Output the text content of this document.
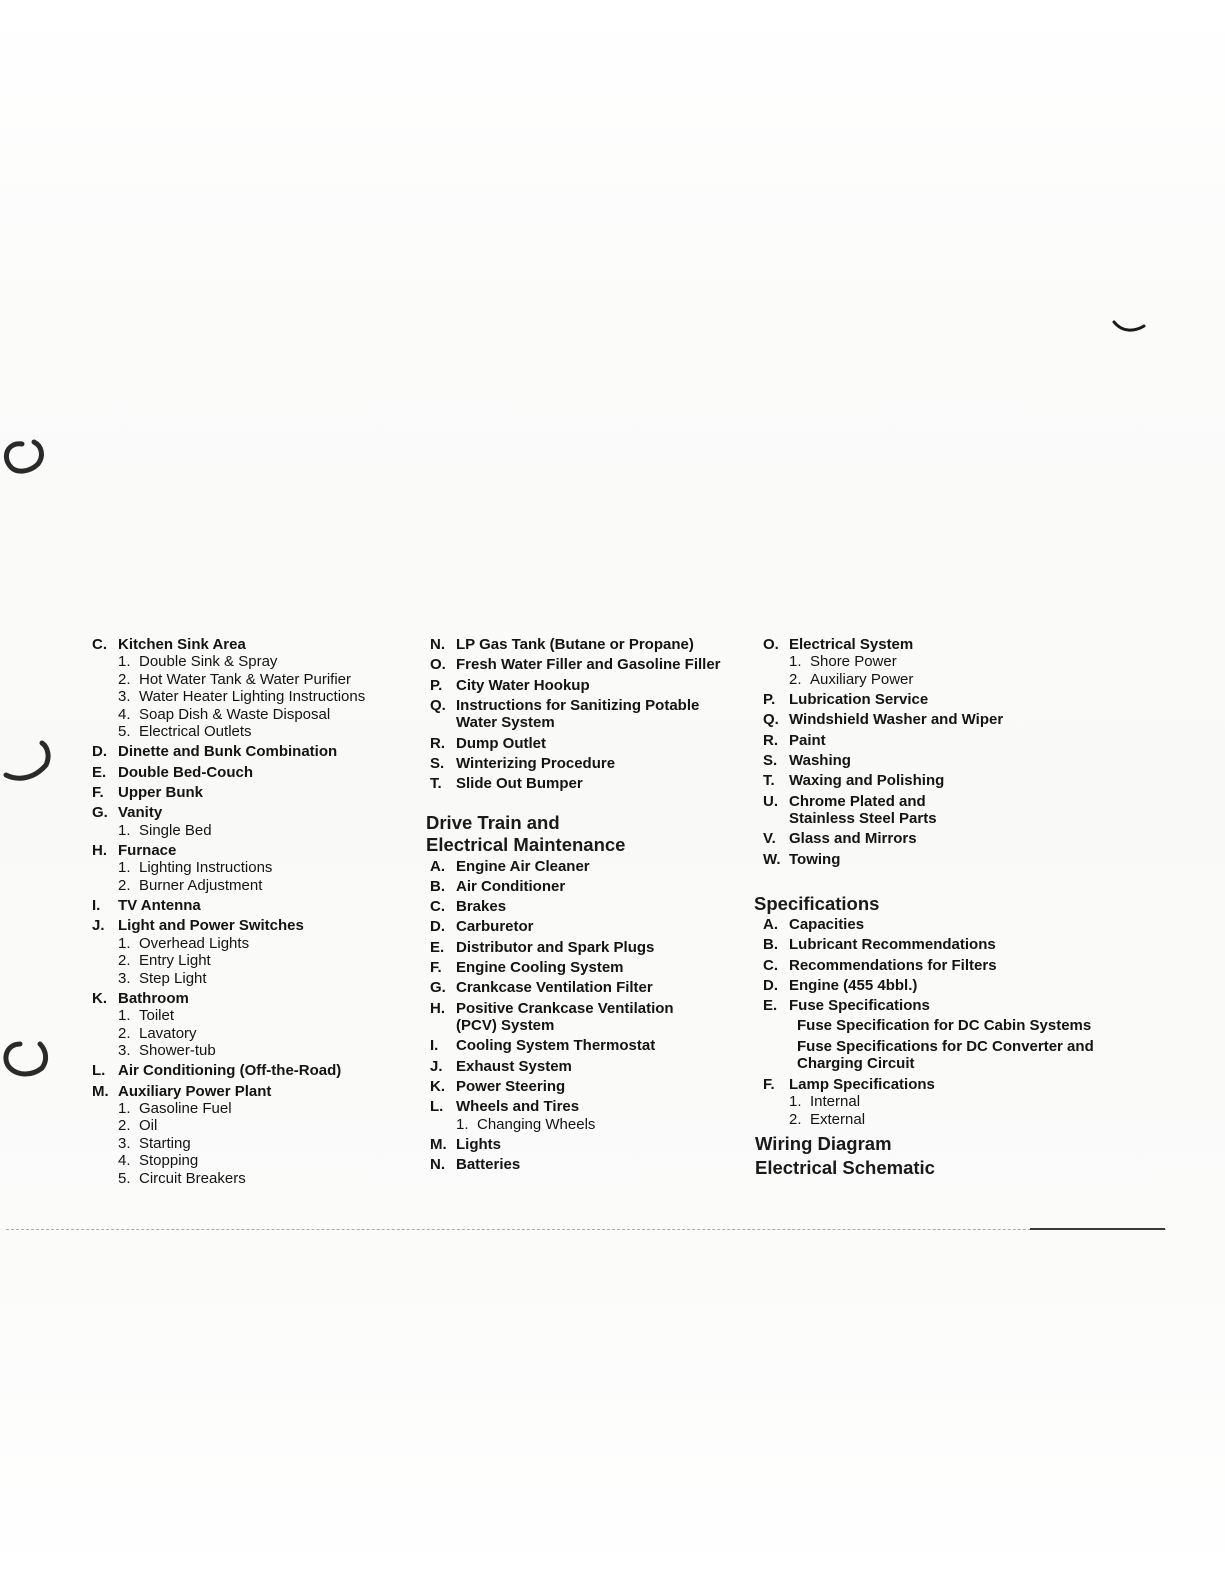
C. Kitchen Sink Area
1. Double Sink & Spray
2. Hot Water Tank & Water Purifier
3. Water Heater Lighting Instructions
4. Soap Dish & Waste Disposal
5. Electrical Outlets
D. Dinette and Bunk Combination
E. Double Bed-Couch
F. Upper Bunk
G. Vanity
1. Single Bed
H. Furnace
1. Lighting Instructions
2. Burner Adjustment
I.	TV Antenna
J. Light and Power Switches
1. Overhead Lights
2. Entry Light
3. Step Light
K. Bathroom
1. Toilet
2. Lavatory
3. Shower-tub
L. Air Conditioning (Off-the-Road)
M. Auxiliary Power Plant
1. Gasoline Fuel
2. Oil
3. Starting
4. Stopping
5. Circuit Breakers
N. LP Gas Tank (Butane or Propane)
O. Fresh Water Filler and Gasoline Filler
P. City Water Hookup
Q. Instructions for Sanitizing Potable
Water System
R. Dump Outlet
S. Winterizing Procedure
T. Slide Out Bumper
Drive Train and
Electrical Maintenance
A. Engine Air Cleaner
B. Air Conditioner
C. Brakes
D. Carburetor
E. Distributor and Spark Plugs
F. Engine Cooling System
G. Crankcase Ventilation Filter
H. Positive Crankcase Ventilation
(PCV) System
I.	Cooling System Thermostat
J. Exhaust System
K. Power Steering
L. Wheels and Tires
1. Changing Wheels
M. Lights
N. Batteries
O. Electrical System
1. Shore Power
2. Auxiliary Power
P. Lubrication Service
Q. Windshield Washer and Wiper
R. Paint
S. Washing
T. Waxing and Polishing
U. Chrome Plated and
Stainless Steel Parts
V. Glass and Mirrors
W. Towing
Specifications
A. Capacities
B. Lubricant Recommendations
C. Recommendations for Filters
D. Engine (455 4bbl.)
E. Fuse Specifications
Fuse Specification for DC Cabin Systems
Fuse Specifications for DC Converter and
Charging Circuit
F. Lamp Specifications
1. Internal
2. External
Wiring Diagram
Electrical Schematic
